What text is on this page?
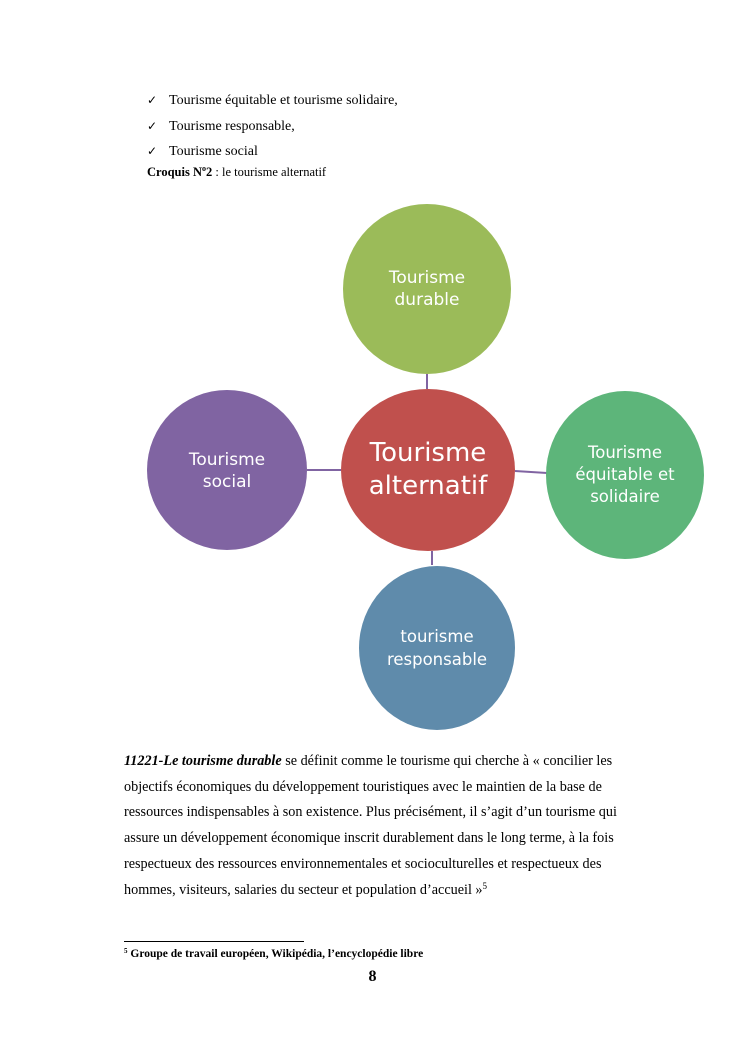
✓ Tourisme équitable et tourisme solidaire,
✓ Tourisme responsable,
✓ Tourisme social
Croquis $N^o2$ : le tourisme alternatif
Tourisme
durable
Tourisme
équitable et
solidaire
tourisme
responsable
Tourisme
social
Tourisme
alternatif
11221-Le tourisme durable se définit comme le tourisme qui cherche à « concilier les objectifs économiques du développement touristiques avec le maintien de la base de ressources indispensables à son existence. Plus précisément, il s’agit d’un tourisme qui assure un développement économique inscrit durablement dans le long terme, à la fois respectueux des ressources environnementales et socioculturelles et respectueux des hommes, visiteurs, salaries du secteur et population d’accueil »$^5$
$^5$ Groupe de travail européen, Wikipédia, l’encyclopédie libre
8
